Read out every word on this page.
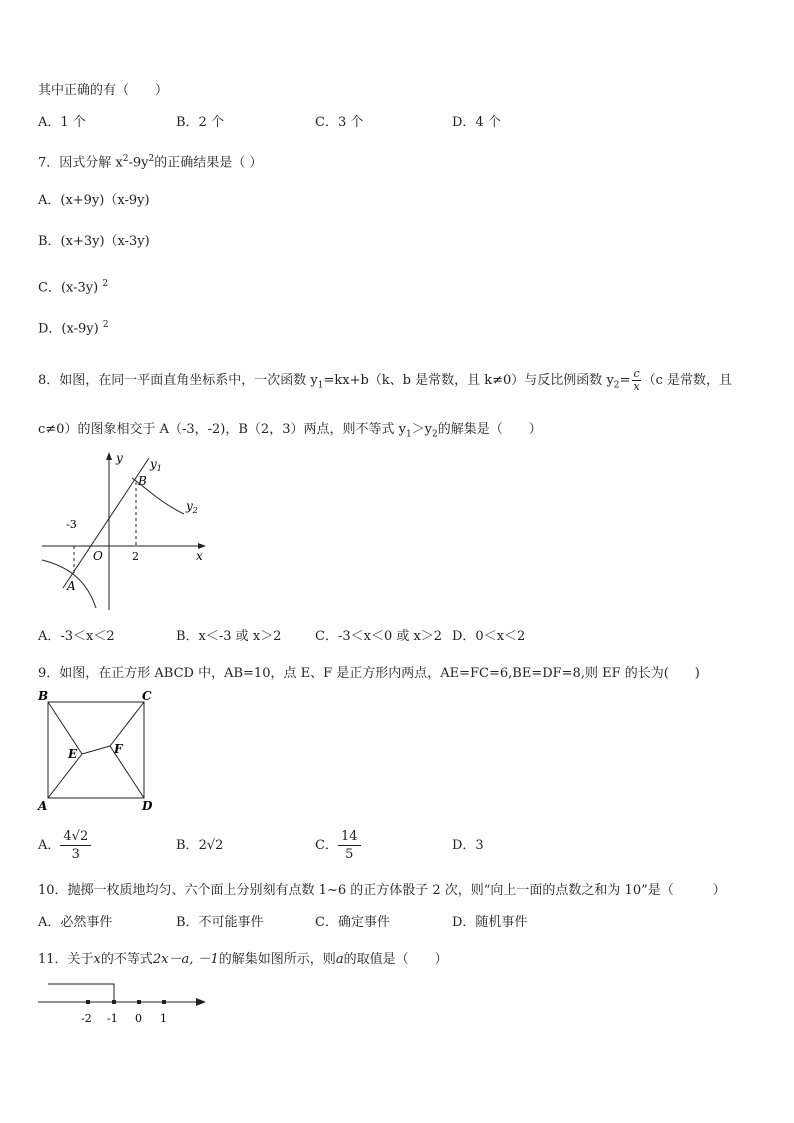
其中正确的有（　　）
A．1 个	B．2 个	C．3 个	D．4 个
7．因式分解 $x^2-9y^2$的正确结果是（ ）
A．(x+9y)（x-9y)
B．(x+3y)（x-3y)
C．(x-3y) $^2$
D．(x-9y) $^2$
8．如图，在同一平面直角坐标系中，一次函数 $y_1=kx+b(k$、b 是常数，且 k≠0）与反比例函数 $y_2= \frac{c}{x} (c$ 是常数，且
c≠0）的图象相交于 A（-3，-2)，B（2，3）两点，则不等式 $y_1>y_2$的解集是（　　）
y
x
O
-3
2
A
B
$y_1$
$y_2$
A．-3＜x＜2	B．x＜-3 或 x＞2	C．-3＜x＜0 或 x＞2 D．0＜x＜2
9．如图，在正方形 ABCD 中，AB=10，点 E、F 是正方形内两点，AE=FC=6,BE=DF=8,则 EF 的长为(　　)
B	C
A	D
E	F
A． $\frac{4√2}{3}$	B．2√2	C． $\frac{14}{5}$	D．3
10．抛掷一枚质地均匀、六个面上分别刻有点数 1~6 的正方体骰子 2 次，则“向上一面的点数之和为 10”是（　　　）
A．必然事件	B．不可能事件	C．确定事件	D．随机事件
11．关于x的不等式2x－a, －1的解集如图所示，则a的取值是（　　）
-2 -1 0 1
